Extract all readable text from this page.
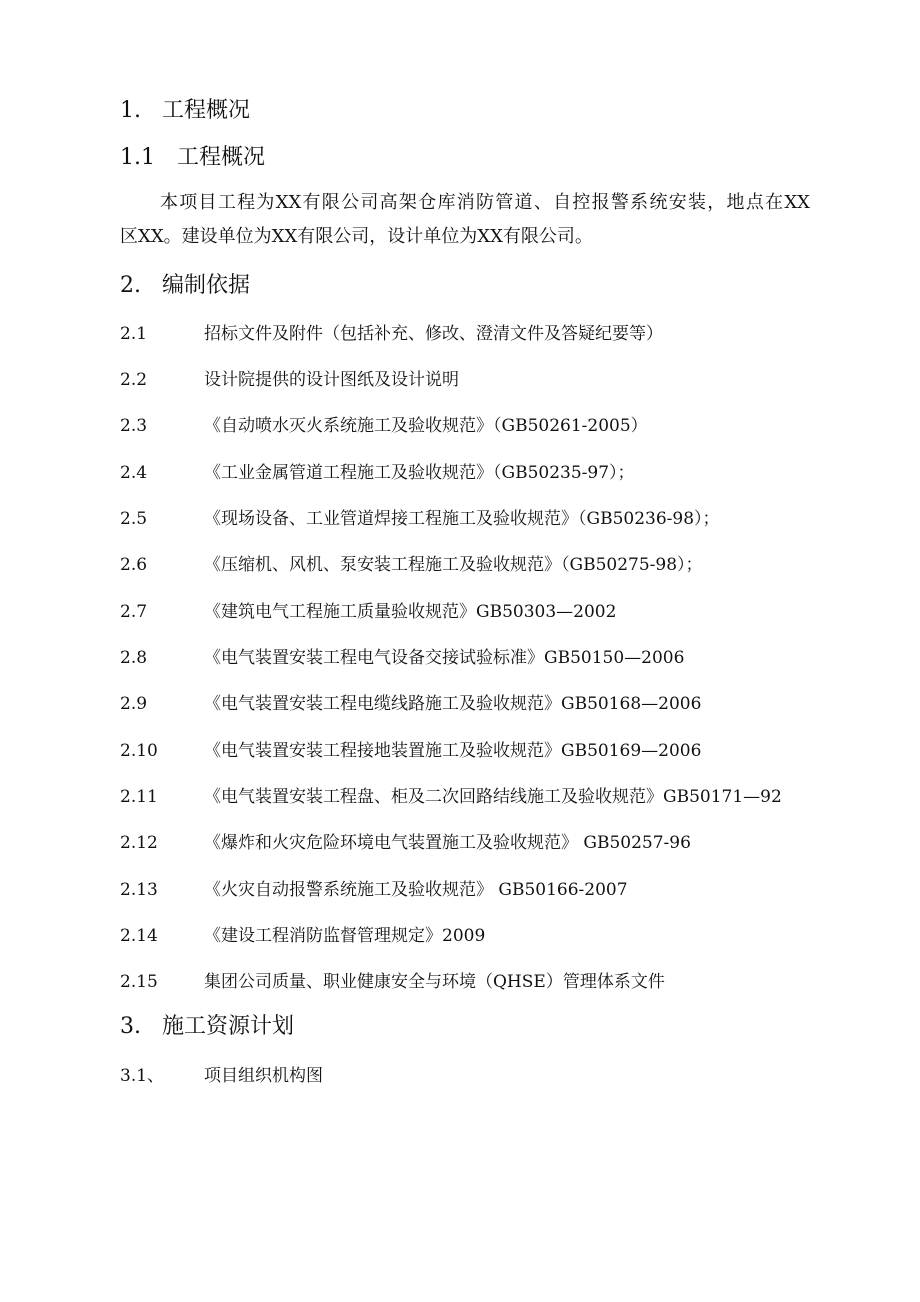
1. 工程概况
1.1 工程概况

本项目工程为XX有限公司高架仓库消防管道、自控报警系统安装，地点在XX

区XX。建设单位为XX有限公司，设计单位为XX有限公司。

2. 编制依据
2.1	招标文件及附件（包括补充、修改、澄清文件及答疑纪要等）
2.2	设计院提供的设计图纸及设计说明
2.3	《自动喷水灭火系统施工及验收规范》（GB50261-2005）
2.4	《工业金属管道工程施工及验收规范》（GB50235-97）；
2.5	《现场设备、工业管道焊接工程施工及验收规范》（GB50236-98）；
2.6	《压缩机、风机、泵安装工程施工及验收规范》（GB50275-98）；
2.7	《建筑电气工程施工质量验收规范》GB50303—2002
2.8	《电气装置安装工程电气设备交接试验标准》GB50150—2006
2.9	《电气装置安装工程电缆线路施工及验收规范》GB50168—2006
2.10	《电气装置安装工程接地装置施工及验收规范》GB50169—2006
2.11	《电气装置安装工程盘、柜及二次回路结线施工及验收规范》GB50171—92
2.12	《爆炸和火灾危险环境电气装置施工及验收规范》 GB50257-96
2.13	《火灾自动报警系统施工及验收规范》 GB50166-2007
2.14	《建设工程消防监督管理规定》2009
2.15	集团公司质量、职业健康安全与环境（QHSE）管理体系文件
3. 施工资源计划
3.1、 项目组织机构图
